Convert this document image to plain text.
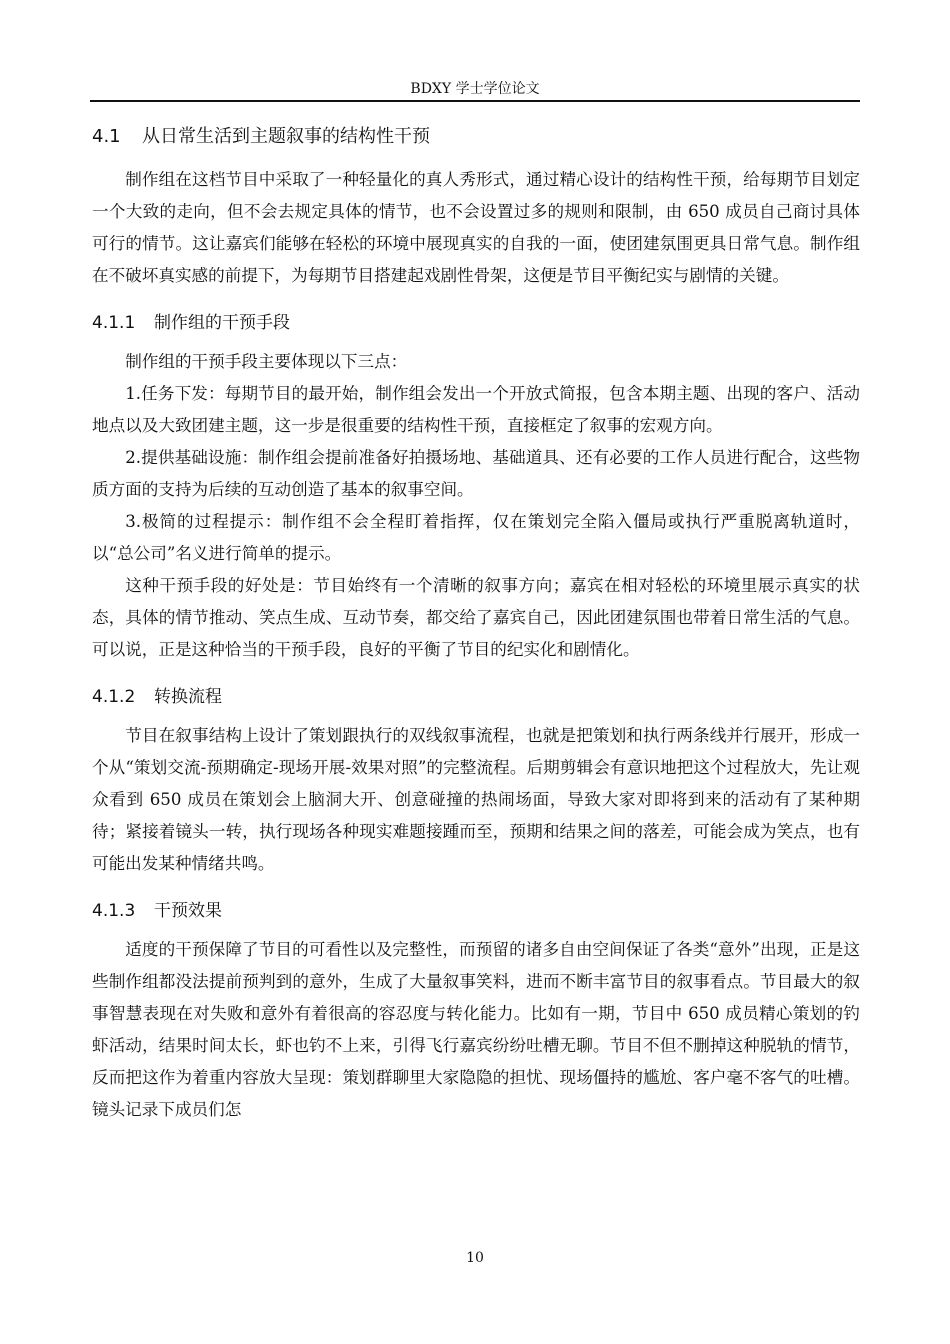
BDXY 学士学位论文
4.1 从日常生活到主题叙事的结构性干预

制作组在这档节目中采取了一种轻量化的真人秀形式，通过精心设计的结构性干预，给每期节目划定一个大致的走向，但不会去规定具体的情节，也不会设置过多的规则和限制，由 650 成员自己商讨具体可行的情节。这让嘉宾们能够在轻松的环境中展现真实的自我的一面，使团建氛围更具日常气息。制作组在不破坏真实感的前提下，为每期节目搭建起戏剧性骨架，这便是节目平衡纪实与剧情的关键。

4.1.1 制作组的干预手段

制作组的干预手段主要体现以下三点：

1.任务下发：每期节目的最开始，制作组会发出一个开放式简报，包含本期主题、出现的客户、活动地点以及大致团建主题，这一步是很重要的结构性干预，直接框定了叙事的宏观方向。

2.提供基础设施：制作组会提前准备好拍摄场地、基础道具、还有必要的工作人员进行配合，这些物质方面的支持为后续的互动创造了基本的叙事空间。

3.极简的过程提示：制作组不会全程盯着指挥，仅在策划完全陷入僵局或执行严重脱离轨道时，以“总公司”名义进行简单的提示。

这种干预手段的好处是：节目始终有一个清晰的叙事方向；嘉宾在相对轻松的环境里展示真实的状态，具体的情节推动、笑点生成、互动节奏，都交给了嘉宾自己，因此团建氛围也带着日常生活的气息。可以说，正是这种恰当的干预手段，良好的平衡了节目的纪实化和剧情化。

4.1.2 转换流程

节目在叙事结构上设计了策划跟执行的双线叙事流程，也就是把策划和执行两条线并行展开，形成一个从“策划交流-预期确定-现场开展-效果对照”的完整流程。后期剪辑会有意识地把这个过程放大，先让观众看到 650 成员在策划会上脑洞大开、创意碰撞的热闹场面，导致大家对即将到来的活动有了某种期待；紧接着镜头一转，执行现场各种现实难题接踵而至，预期和结果之间的落差，可能会成为笑点，也有可能出发某种情绪共鸣。

4.1.3 干预效果

适度的干预保障了节目的可看性以及完整性，而预留的诸多自由空间保证了各类“意外”出现，正是这些制作组都没法提前预判到的意外，生成了大量叙事笑料，进而不断丰富节目的叙事看点。节目最大的叙事智慧表现在对失败和意外有着很高的容忍度与转化能力。比如有一期，节目中 650 成员精心策划的钓虾活动，结果时间太长，虾也钓不上来，引得飞行嘉宾纷纷吐槽无聊。节目不但不删掉这种脱轨的情节，反而把这作为着重内容放大呈现：策划群聊里大家隐隐的担忧、现场僵持的尴尬、客户毫不客气的吐槽。镜头记录下成员们怎

10
